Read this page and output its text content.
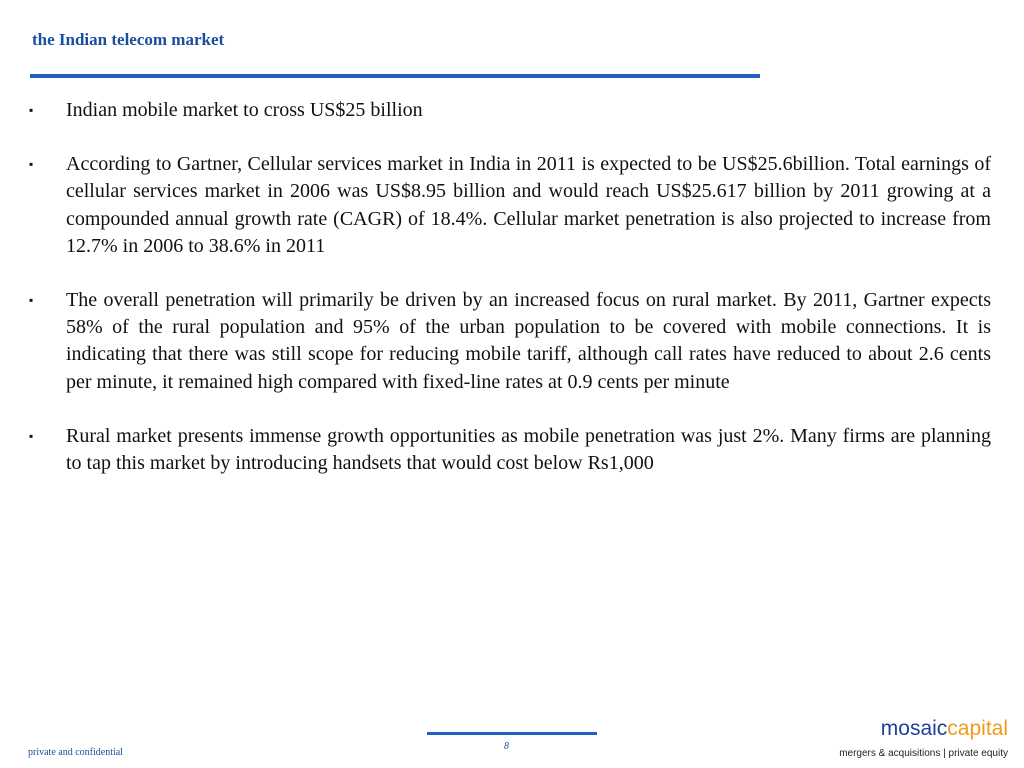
the Indian telecom market
▪ Indian mobile market to cross US$25 billion
▪ According to Gartner, Cellular services market in India in 2011 is expected to be US$25.6billion. Total earnings of cellular services market in 2006 was US$8.95 billion and would reach US$25.617 billion by 2011 growing at a compounded annual growth rate (CAGR) of 18.4%. Cellular market penetration is also projected to increase from 12.7% in 2006 to 38.6% in 2011
▪ The overall penetration will primarily be driven by an increased focus on rural market. By 2011, Gartner expects 58% of the rural population and 95% of the urban population to be covered with mobile connections. It is indicating that there was still scope for reducing mobile tariff, although call rates have reduced to about 2.6 cents per minute, it remained high compared with fixed-line rates at 0.9 cents per minute
▪ Rural market presents immense growth opportunities as mobile penetration was just 2%. Many firms are planning to tap this market by introducing handsets that would cost below Rs1,000
8
private and confidential
mosaiccapital
mergers & acquisitions | private equity
